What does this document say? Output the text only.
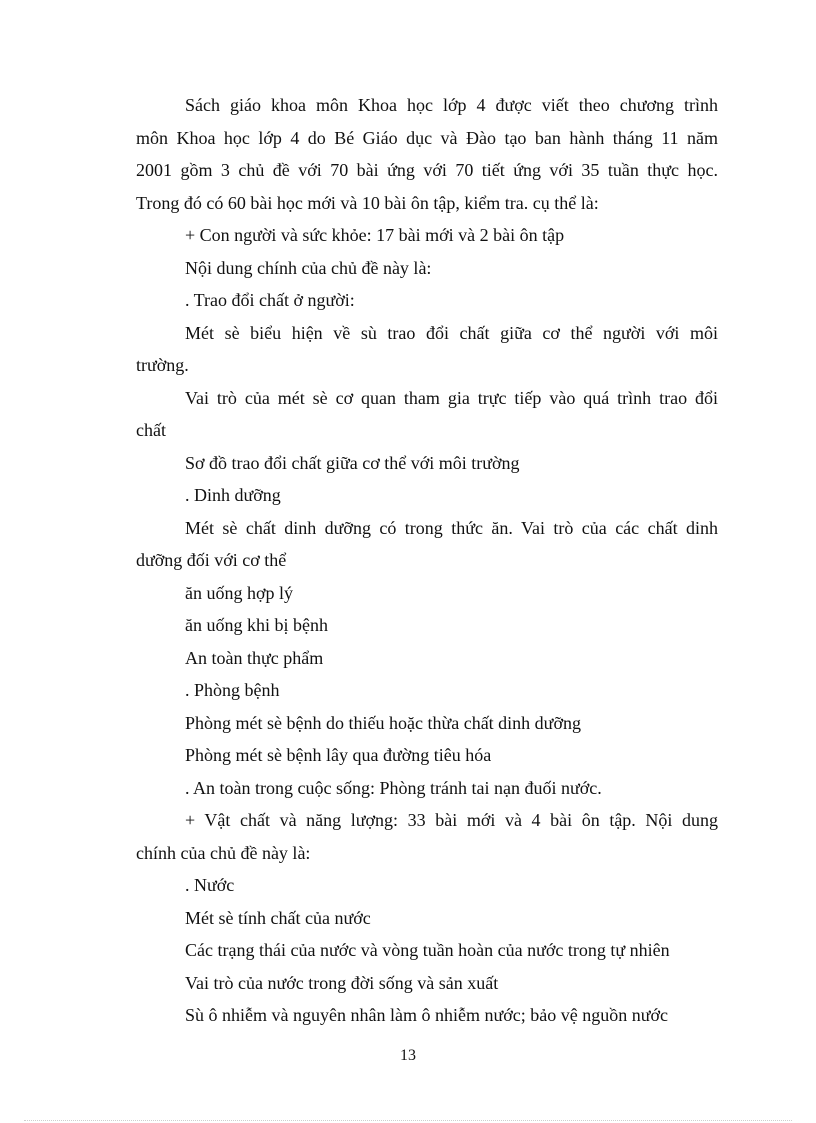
Sách giáo khoa môn Khoa học lớp 4 được viết theo chương trình

môn Khoa học lớp 4 do Bé Giáo dục và Đào tạo ban hành tháng 11 năm

2001 gồm 3 chủ đề với 70 bài ứng với 70 tiết ứng với 35 tuần thực học.

Trong đó có 60 bài học mới và 10 bài ôn tập, kiểm tra. cụ thể là:

+ Con người và sức khỏe: 17 bài mới và 2 bài ôn tập

Nội dung chính của chủ đề này là:

. Trao đổi chất ở người:

Mét sè biểu hiện về sù trao đổi chất giữa cơ thể người với môi

trường.

Vai trò của mét sè cơ quan tham gia trực tiếp vào quá trình trao đổi

chất

Sơ đồ trao đổi chất giữa cơ thể với môi trường

. Dinh dưỡng

Mét sè chất dinh dưỡng có trong thức ăn. Vai trò của các chất dinh

dưỡng đối với cơ thể

ăn uống hợp lý

ăn uống khi bị bệnh

An toàn thực phẩm

. Phòng bệnh

Phòng mét sè bệnh do thiếu hoặc thừa chất dinh dưỡng

Phòng mét sè bệnh lây qua đường tiêu hóa

. An toàn trong cuộc sống: Phòng tránh tai nạn đuối nước.

+ Vật chất và năng lượng: 33 bài mới và 4 bài ôn tập. Nội dung

chính của chủ đề này là:

. Nước

Mét sè tính chất của nước

Các trạng thái của nước và vòng tuần hoàn của nước trong tự nhiên

Vai trò của nước trong đời sống và sản xuất

Sù ô nhiễm và nguyên nhân làm ô nhiễm nước; bảo vệ nguồn nước

13
